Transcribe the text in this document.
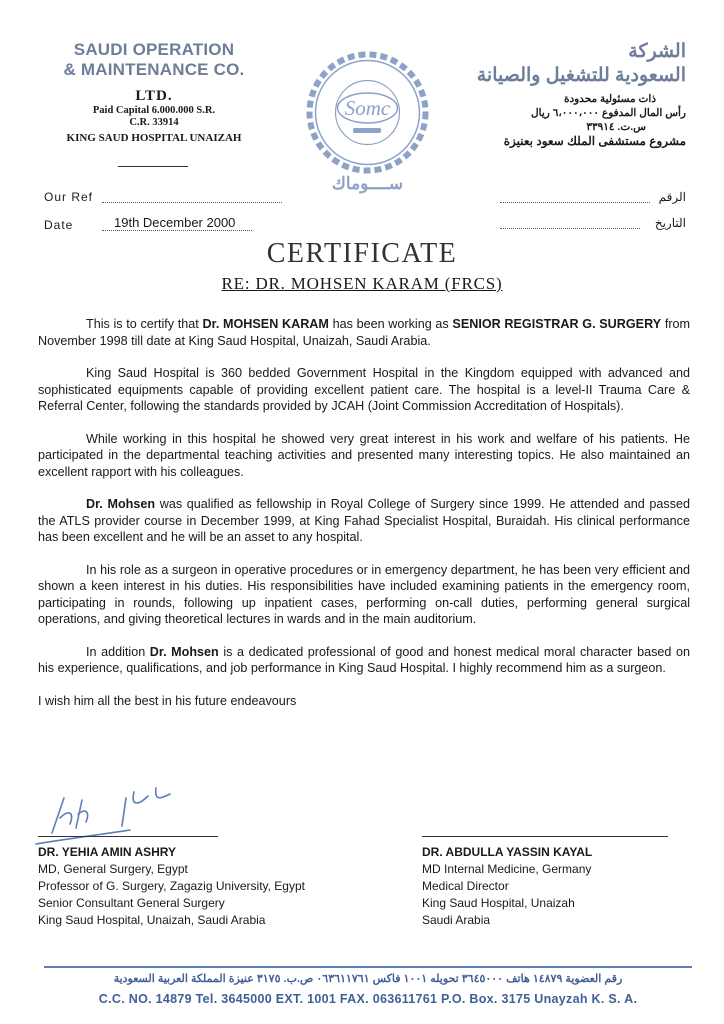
SAUDI OPERATION
& MAINTENANCE CO.
LTD.
Paid Capital 6.000.000 S.R.
C.R. 33914
KING SAUD HOSPITAL UNAIZAH
Somc
ســــوماك
الشركة
السعودية للتشغيل والصيانة
ذات مسئولية محدودة
رأس المال المدفوع ٦،٠٠٠،٠٠٠ ريال
س.ت. ٣٣٩١٤
مشروع مستشفى الملك سعود بعنيزة
Our Ref
Date	19th December 2000
الرقم
التاريخ
CERTIFICATE
RE: DR. MOHSEN KARAM (FRCS)

This is to certify that Dr. MOHSEN KARAM has been working as SENIOR REGISTRAR G. SURGERY from November 1998 till date at King Saud Hospital, Unaizah, Saudi Arabia.

King Saud Hospital is 360 bedded Government Hospital in the Kingdom equipped with advanced and sophisticated equipments capable of providing excellent patient care. The hospital is a level-II Trauma Care & Referral Center, following the standards provided by JCAH (Joint Commission Accreditation of Hospitals).

While working in this hospital he showed very great interest in his work and welfare of his patients. He participated in the departmental teaching activities and presented many interesting topics. He also maintained an excellent rapport with his colleagues.

Dr. Mohsen was qualified as fellowship in Royal College of Surgery since 1999. He attended and passed the ATLS provider course in December 1999, at King Fahad Specialist Hospital, Buraidah. His clinical performance has been excellent and he will be an asset to any hospital.

In his role as a surgeon in operative procedures or in emergency department, he has been very efficient and shown a keen interest in his duties. His responsibilities have included examining patients in the emergency room, participating in rounds, following up inpatient cases, performing on-call duties, performing general surgical operations, and giving theoretical lectures in wards and in the main auditorium.

In addition Dr. Mohsen is a dedicated professional of good and honest medical moral character based on his experience, qualifications, and job performance in King Saud Hospital. I highly recommend him as a surgeon.

I wish him all the best in his future endeavours

DR. YEHIA AMIN ASHRY
MD, General Surgery, Egypt
Professor of G. Surgery, Zagazig University, Egypt
Senior Consultant General Surgery
King Saud Hospital, Unaizah, Saudi Arabia
DR. ABDULLA YASSIN KAYAL
MD Internal Medicine, Germany
Medical Director
King Saud Hospital, Unaizah
Saudi Arabia
رقم العضوية ١٤٨٧٩ هاتف ٣٦٤٥٠٠٠ تحويله ١٠٠١ فاكس ٠٦٣٦١١٧٦١ ص.ب. ٣١٧٥ عنيزة المملكة العربية السعودية
C.C. NO. 14879 Tel. 3645000 EXT. 1001 FAX. 063611761 P.O. Box. 3175 Unayzah K. S. A.
